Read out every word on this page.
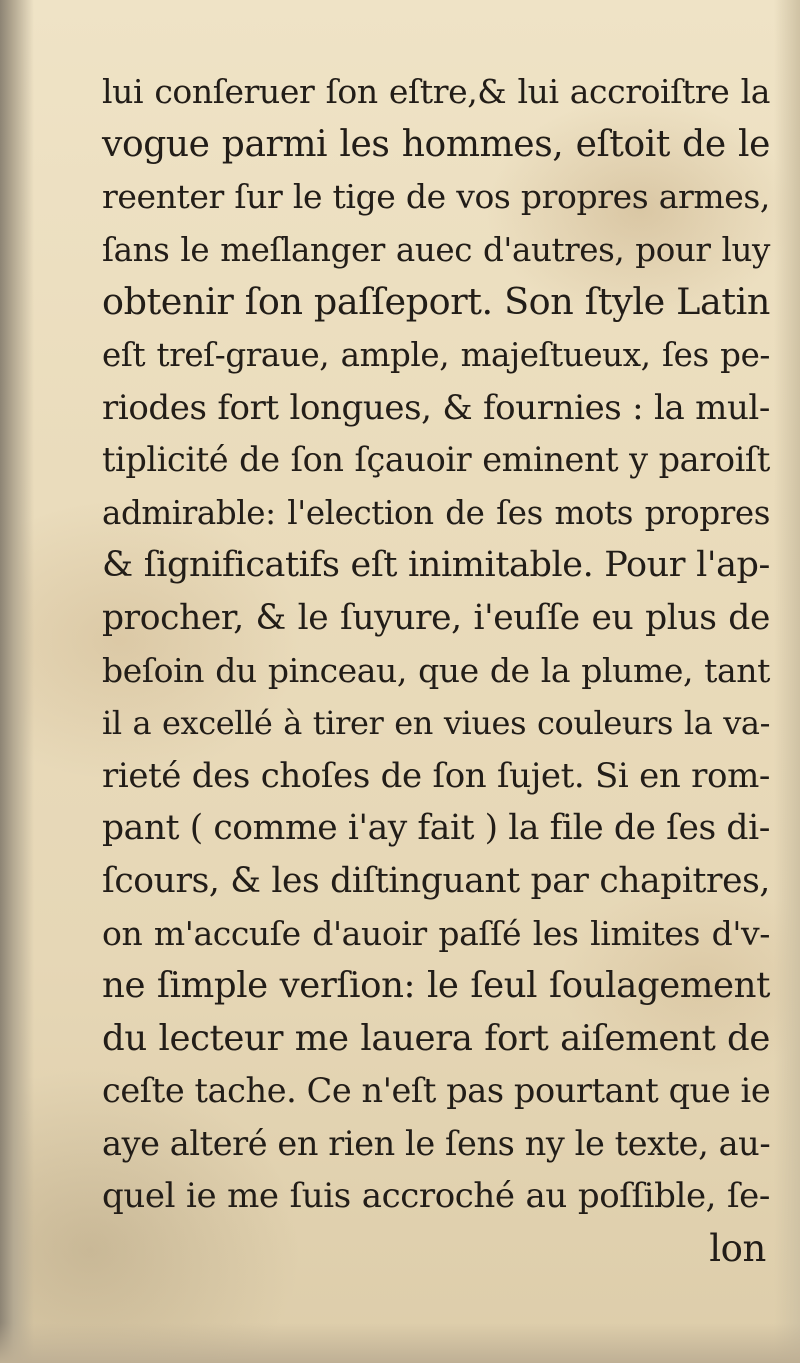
lui conſeruer ſon eſtre,& lui accroiſtre la
vogue parmi les hommes, eſtoit de le
reenter ſur le tige de vos propres armes,
ſans le meſlanger auec d'autres, pour luy
obtenir ſon paſſeport. Son ſtyle Latin
eſt treſ-graue, ample, majeſtueux, ſes pe-
riodes fort longues, & fournies : la mul-
tiplicité de ſon ſçauoir eminent y paroiſt
admirable: l'election de ſes mots propres
& ſignificatifs eſt inimitable. Pour l'ap-
procher, & le ſuyure, i'euſſe eu plus de
beſoin du pinceau, que de la plume, tant
il a excellé à tirer en viues couleurs la va-
rieté des choſes de ſon ſujet. Si en rom-
pant ( comme i'ay fait ) la file de ſes di-
ſcours, & les diſtinguant par chapitres,
on m'accuſe d'auoir paſſé les limites d'v-
ne ſimple verſion: le ſeul ſoulagement
du lecteur me lauera fort aiſement de
ceſte tache. Ce n'eſt pas pourtant que ie
aye alteré en rien le ſens ny le texte, au-
quel ie me ſuis accroché au poſſible, ſe-
lon
